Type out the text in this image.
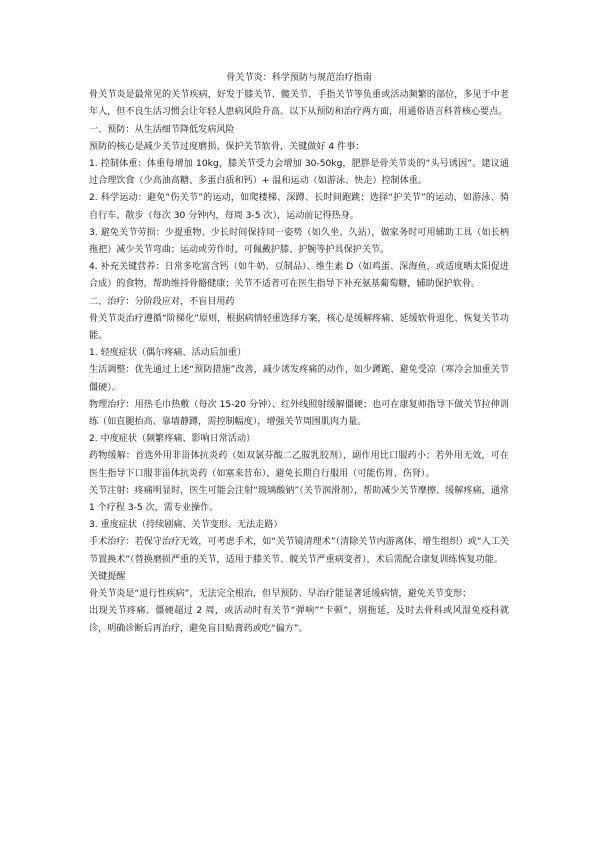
骨关节炎：科学预防与规范治疗指南
骨关节炎是最常见的关节疾病，好发于膝关节、髋关节、手指关节等负重或活动频繁的部位，多见于中老年人，但不良生活习惯会让年轻人患病风险升高。以下从预防和治疗两方面，用通俗语言科普核心要点。
一、预防：从生活细节降低发病风险
预防的核心是减少关节过度磨损、保护关节软骨，关键做好 4 件事：
1. 控制体重：体重每增加 10kg，膝关节受力会增加 30-50kg，肥胖是骨关节炎的“头号诱因”。建议通过合理饮食（少高油高糖、多蛋白质和钙）+ 温和运动（如游泳、快走）控制体重。
2. 科学运动：避免“伤关节”的运动，如爬楼梯、深蹲、长时间跑跳；选择“护关节”的运动，如游泳、骑自行车、散步（每次 30 分钟内，每周 3-5 次），运动前记得热身。
3. 避免关节劳损：少提重物、少长时间保持同一姿势（如久坐、久站），做家务时可用辅助工具（如长柄拖把）减少关节弯曲；运动或劳作时，可佩戴护膝、护腕等护具保护关节。
4. 补充关键营养：日常多吃富含钙（如牛奶、豆制品）、维生素 D（如鸡蛋、深海鱼，或适度晒太阳促进合成）的食物，帮助维持骨骼健康；关节不适者可在医生指导下补充氨基葡萄糖，辅助保护软骨。
二、治疗：分阶段应对，不盲目用药
骨关节炎治疗遵循“阶梯化”原则，根据病情轻重选择方案，核心是缓解疼痛、延缓软骨退化、恢复关节功能。
1. 轻度症状（偶尔疼痛、活动后加重）
生活调整：优先通过上述“预防措施”改善，减少诱发疼痛的动作，如少蹲跪、避免受凉（寒冷会加重关节僵硬）。
物理治疗：用热毛巾热敷（每次 15-20 分钟）、红外线照射缓解僵硬；也可在康复师指导下做关节拉伸训练（如直腿抬高、靠墙静蹲，需控制幅度），增强关节周围肌肉力量。
2. 中度症状（频繁疼痛、影响日常活动）
药物缓解：首选外用非甾体抗炎药（如双氯芬酸二乙胺乳胶剂），副作用比口服药小；若外用无效，可在医生指导下口服非甾体抗炎药（如塞来昔布），避免长期自行服用（可能伤胃、伤肾）。
关节注射：疼痛明显时，医生可能会注射“玻璃酸钠”（关节润滑剂），帮助减少关节摩擦、缓解疼痛，通常 1 个疗程 3-5 次，需专业操作。
3. 重度症状（持续剧痛、关节变形、无法走路）
手术治疗：若保守治疗无效，可考虑手术，如“关节镜清理术”（清除关节内游离体、增生组织）或“人工关节置换术”（替换磨损严重的关节，适用于膝关节、髋关节严重病变者），术后需配合康复训练恢复功能。
关键提醒
骨关节炎是“退行性疾病”，无法完全根治，但早预防、早治疗能显著延缓病情，避免关节变形；
出现关节疼痛、僵硬超过 2 周，或活动时有关节“弹响”“卡顿”，别拖延，及时去骨科或风湿免疫科就诊，明确诊断后再治疗，避免盲目贴膏药或吃“偏方”。
